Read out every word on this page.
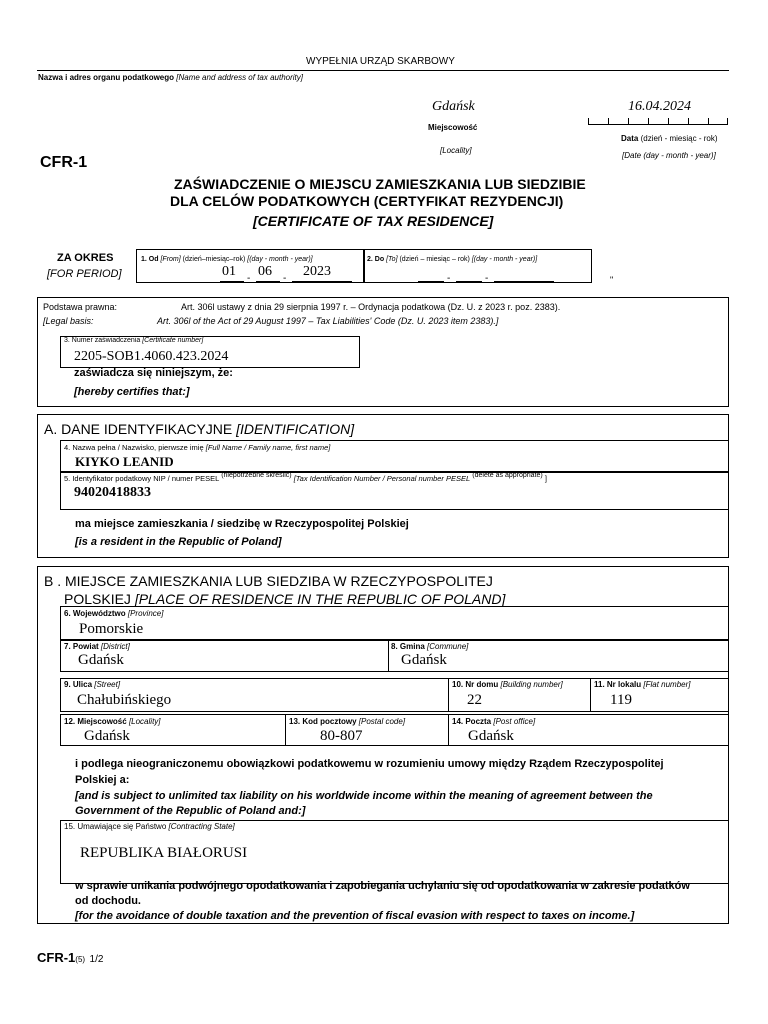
WYPEŁNIA URZĄD SKARBOWY
Nazwa i adres organu podatkowego [Name and address of tax authority]
Gdańsk
Miejscowość
[Locality]
16.04.2024
Data (dzień - miesiąc - rok)
[Date (day - month - year)]
CFR-1
ZAŚWIADCZENIE O MIEJSCU ZAMIESZKANIA LUB SIEDZIBIE
DLA CELÓW PODATKOWYCH (CERTYFIKAT REZYDENCJI)
[CERTIFICATE OF TAX RESIDENCE]
ZA OKRES
[FOR PERIOD]
1. Od [From] (dzień–miesiąc–rok) [(day - month - year)]
01 06 2023
-	-
2. Do [To] (dzień – miesiąc – rok) [(day - month - year)]
-	-	"
Podstawa prawna:	Art. 306l ustawy z dnia 29 sierpnia 1997 r. – Ordynacja podatkowa (Dz. U. z 2023 r. poz. 2383).
[Legal basis:	Art. 306l of the Act of 29 August 1997 – Tax Liabilities' Code (Dz. U. 2023 item 2383).]
3. Numer zaświadczenia [Certificate number]
2205-SOB1.4060.423.2024
zaświadcza się niniejszym, że:
[hereby certifies that:]
A. DANE IDENTYFIKACYJNE [IDENTIFICATION]
4. Nazwa pełna / Nazwisko, pierwsze imię [Full Name / Family name, first name]
KIYKO LEANID
5. Identyfikator podatkowy NIP / numer PESEL (niepotrzebne skreślić) [Tax Identification Number / Personal number PESEL (delete as appropriate) ]
94020418833
ma miejsce zamieszkania / siedzibę w Rzeczypospolitej Polskiej
[is a resident in the Republic of Poland]
B . MIEJSCE ZAMIESZKANIA LUB SIEDZIBA W RZECZYPOSPOLITEJ
POLSKIEJ [PLACE OF RESIDENCE IN THE REPUBLIC OF POLAND]
6. Województwo [Province]
Pomorskie
7. Powiat [District]
Gdańsk
8. Gmina [Commune]
Gdańsk
9. Ulica [Street]
Chałubińskiego
10. Nr domu [Building number]
22
11. Nr lokalu [Flat number]
119
12. Miejscowość [Locality]
Gdańsk
13. Kod pocztowy [Postal code]
80-807
14. Poczta [Post office]
Gdańsk
i podlega nieograniczonemu obowiązkowi podatkowemu w rozumieniu umowy między Rządem Rzeczypospolitej
Polskiej a:
[and is subject to unlimited tax liability on his worldwide income within the meaning of agreement between the
Government of the Republic of Poland and:]
15. Umawiające się Państwo [Contracting State]
REPUBLIKA BIAŁORUSI
w sprawie unikania podwójnego opodatkowania i zapobiegania uchylaniu się od opodatkowania w zakresie podatków
od dochodu.
[for the avoidance of double taxation and the prevention of fiscal evasion with respect to taxes on income.]
CFR-1(5) 1/2
